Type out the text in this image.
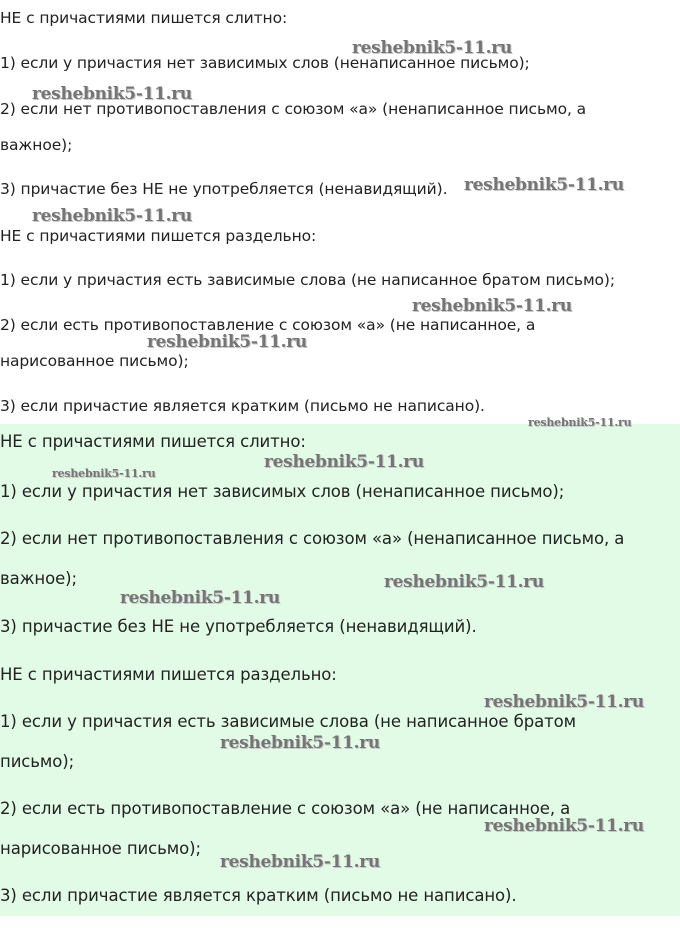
НЕ с причастиями пишется слитно:
1) если у причастия нет зависимых слов (ненаписанное письмо);
2) если нет противопоставления с союзом «а» (ненаписанное письмо, а
важное);
3) причастие без НЕ не употребляется (ненавидящий).
НЕ с причастиями пишется раздельно:
1) если у причастия есть зависимые слова (не написанное братом письмо);
2) если есть противопоставление с союзом «а» (не написанное, а
нарисованное письмо);
3) если причастие является кратким (письмо не написано).
НЕ с причастиями пишется слитно:
1) если у причастия нет зависимых слов (ненаписанное письмо);
2) если нет противопоставления с союзом «а» (ненаписанное письмо, а
важное);
3) причастие без НЕ не употребляется (ненавидящий).
НЕ с причастиями пишется раздельно:
1) если у причастия есть зависимые слова (не написанное братом
письмо);
2) если есть противопоставление с союзом «а» (не написанное, а
нарисованное письмо);
3) если причастие является кратким (письмо не написано).
reshebnik5-11.ru
reshebnik5-11.ru
reshebnik5-11.ru
reshebnik5-11.ru
reshebnik5-11.ru
reshebnik5-11.ru
reshebnik5-11.ru
reshebnik5-11.ru
reshebnik5-11.ru
reshebnik5-11.ru
reshebnik5-11.ru
reshebnik5-11.ru
reshebnik5-11.ru
reshebnik5-11.ru
reshebnik5-11.ru
